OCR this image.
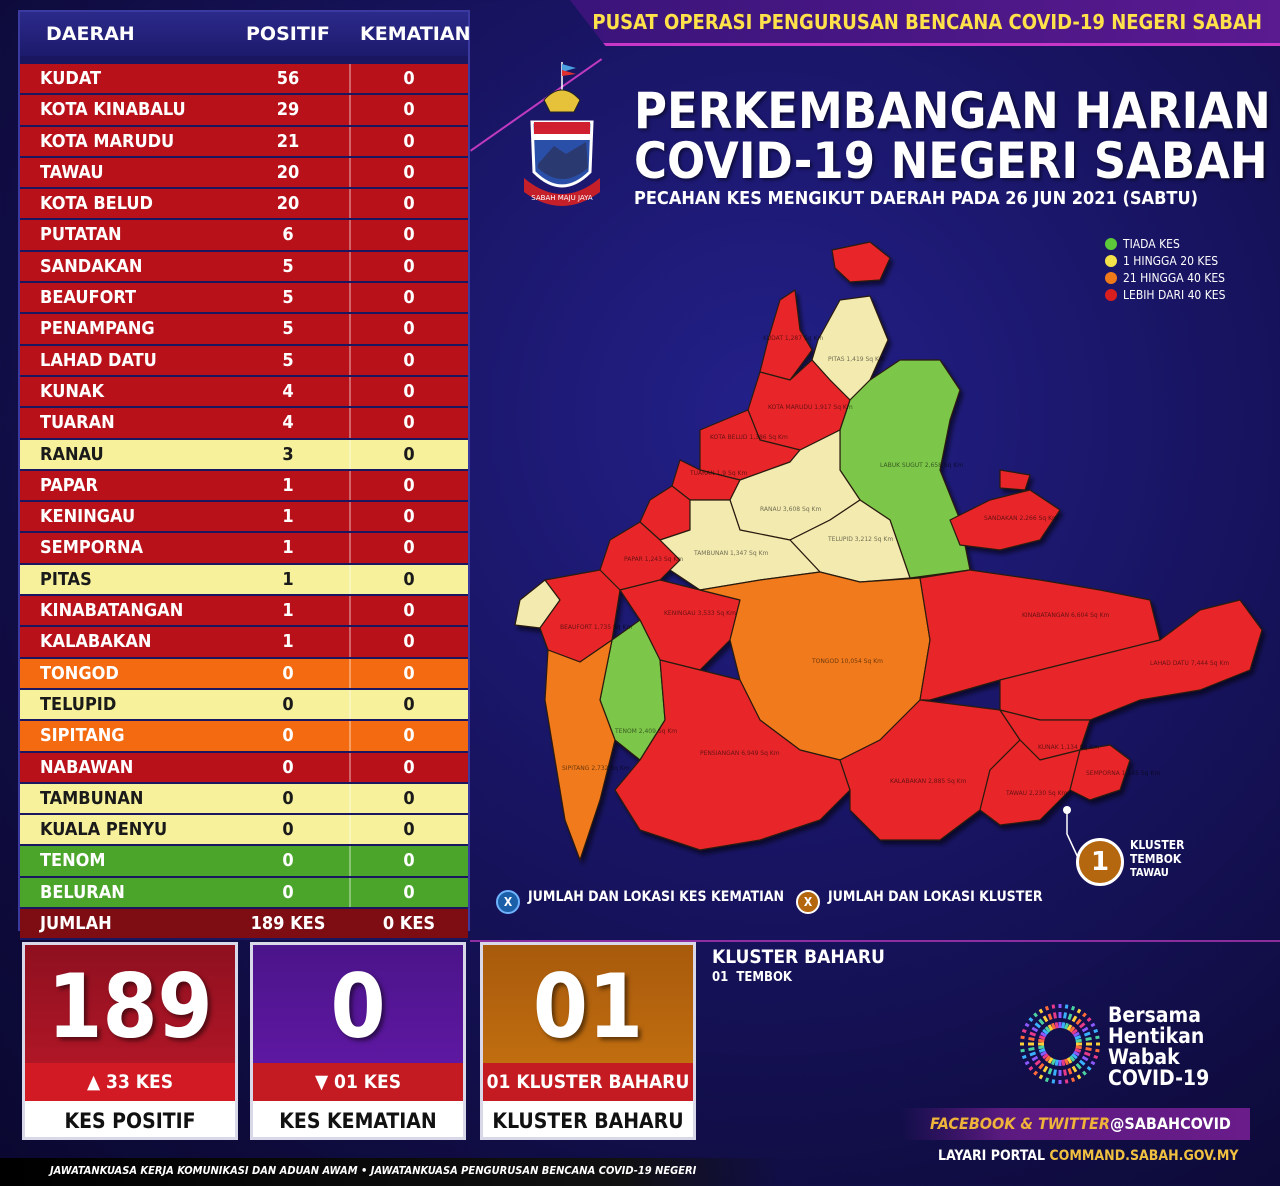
DAERAH	POSITIF KEMATIAN
KUDAT	56	0
KOTA KINABALU	29	0
KOTA MARUDU	21	0
TAWAU	20	0
KOTA BELUD	20	0
PUTATAN	6	0
SANDAKAN	5	0
BEAUFORT	5	0
PENAMPANG	5	0
LAHAD DATU	5	0
KUNAK	4	0
TUARAN	4	0
RANAU	3	0
PAPAR	1	0
KENINGAU	1	0
SEMPORNA	1	0
PITAS	1	0
KINABATANGAN	1	0
KALABAKAN	1	0
TONGOD	0	0
TELUPID	0	0
SIPITANG	0	0
NABAWAN	0	0
TAMBUNAN	0	0
KUALA PENYU	0	0
TENOM	0	0
BELURAN	0	0
JUMLAH	189 KES	0 KES
PUSAT OPERASI PENGURUSAN BENCANA COVID-19 NEGERI SABAH
SABAH MAJU JAYA
PERKEMBANGAN HARIAN
COVID-19 NEGERI SABAH
PECAHAN KES MENGIKUT DAERAH PADA 26 JUN 2021 (SABTU)
TIADA KES
1 HINGGA 20 KES
21 HINGGA 40 KES
LEBIH DARI 40 KES
KUDAT 1,287 Sq Km
PITAS 1,419 Sq Km
KOTA MARUDU 1,917 Sq Km
KOTA BELUD 1,386 Sq Km
TUARAN 1,9 Sq Km
LABUK SUGUT 2,658 Sq Km
RANAU 3,608 Sq Km
TELUPID 3,212 Sq Km
SANDAKAN 2,266 Sq Km
PAPAR 1,243 Sq Km
TAMBUNAN 1,347 Sq Km
BEAUFORT 1,735 Sq Km
KENINGAU 3,533 Sq Km
TONGOD 10,054 Sq Km
KINABATANGAN 6,604 Sq Km
LAHAD DATU 7,444 Sq Km
TENOM 2,409 Sq Km
SIPITANG 2,732 Sq Km
PENSIANGAN 6,949 Sq Km
KALABAKAN 2,885 Sq Km
KUNAK 1,134 Sq Km
TAWAU 2,230 Sq Km
SEMPORNA 1,145 Sq Km
1
KLUSTER
TEMBOK
TAWAU
X JUMLAH DAN LOKASI KES KEMATIAN	X JUMLAH DAN LOKASI KLUSTER
189
▲ 33 KES
KES POSITIF
0
▼ 01 KES
KES KEMATIAN
01
01 KLUSTER BAHARU
KLUSTER BAHARU
KLUSTER BAHARU
01  TEMBOK
Bersama
Hentikan
Wabak
COVID-19
FACEBOOK & TWITTER @SABAHCOVID
LAYARI PORTAL COMMAND.SABAH.GOV.MY
JAWATANKUASA KERJA KOMUNIKASI DAN ADUAN AWAM • JAWATANKUASA PENGURUSAN BENCANA COVID-19 NEGERI
